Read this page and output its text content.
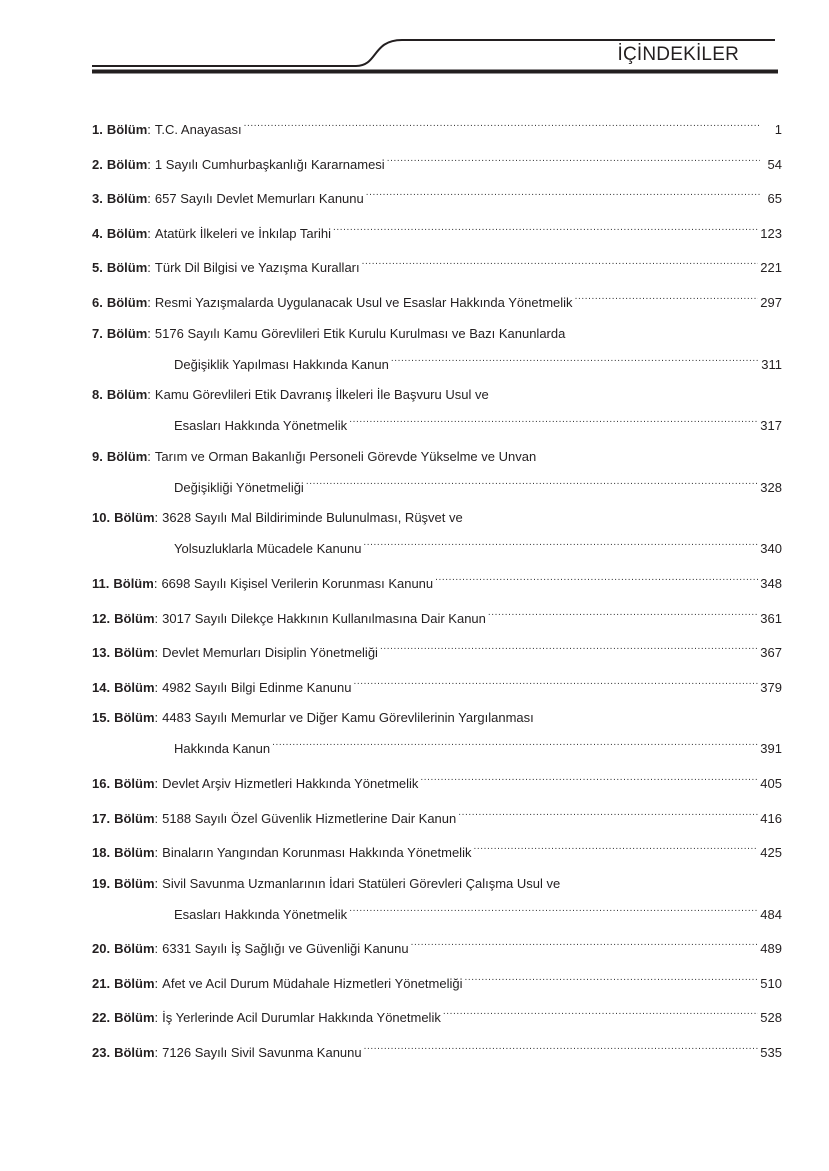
İÇİNDEKİLER
1. Bölüm : T.C. Anayasası .....	1
2. Bölüm : 1 Sayılı Cumhurbaşkanlığı Kararnamesi .....	54
3. Bölüm : 657 Sayılı Devlet Memurları Kanunu .....	65
4. Bölüm : Atatürk İlkeleri ve İnkılap Tarihi .....	123
5. Bölüm : Türk Dil Bilgisi ve Yazışma Kuralları .....	221
6. Bölüm : Resmi Yazışmalarda Uygulanacak Usul ve Esaslar Hakkında Yönetmelik .....	297
7. Bölüm : 5176 Sayılı Kamu Görevlileri Etik Kurulu Kurulması ve Bazı Kanunlarda
Değişiklik Yapılması Hakkında Kanun .....	311
8. Bölüm : Kamu Görevlileri Etik Davranış İlkeleri İle Başvuru Usul ve
Esasları Hakkında Yönetmelik .....	317
9. Bölüm : Tarım ve Orman Bakanlığı Personeli Görevde Yükselme ve Unvan
Değişikliği Yönetmeliği .....	328
10. Bölüm : 3628 Sayılı Mal Bildiriminde Bulunulması, Rüşvet ve
Yolsuzluklarla Mücadele Kanunu .....	340
11. Bölüm : 6698 Sayılı Kişisel Verilerin Korunması Kanunu .....	348
12. Bölüm : 3017 Sayılı Dilekçe Hakkının Kullanılmasına Dair Kanun .....	361
13. Bölüm : Devlet Memurları Disiplin Yönetmeliği .....	367
14. Bölüm : 4982 Sayılı Bilgi Edinme Kanunu .....	379
15. Bölüm : 4483 Sayılı Memurlar ve Diğer Kamu Görevlilerinin Yargılanması
Hakkında Kanun .....	391
16. Bölüm : Devlet Arşiv Hizmetleri Hakkında Yönetmelik .....	405
17. Bölüm : 5188 Sayılı Özel Güvenlik Hizmetlerine Dair Kanun .....	416
18. Bölüm : Binaların Yangından Korunması Hakkında Yönetmelik .....	425
19. Bölüm : Sivil Savunma Uzmanlarının İdari Statüleri Görevleri Çalışma Usul ve
Esasları Hakkında Yönetmelik .....	484
20. Bölüm : 6331 Sayılı İş Sağlığı ve Güvenliği Kanunu .....	489
21. Bölüm : Afet ve Acil Durum Müdahale Hizmetleri Yönetmeliği .....	510
22. Bölüm : İş Yerlerinde Acil Durumlar Hakkında Yönetmelik .....	528
23. Bölüm : 7126 Sayılı Sivil Savunma Kanunu .....	535
